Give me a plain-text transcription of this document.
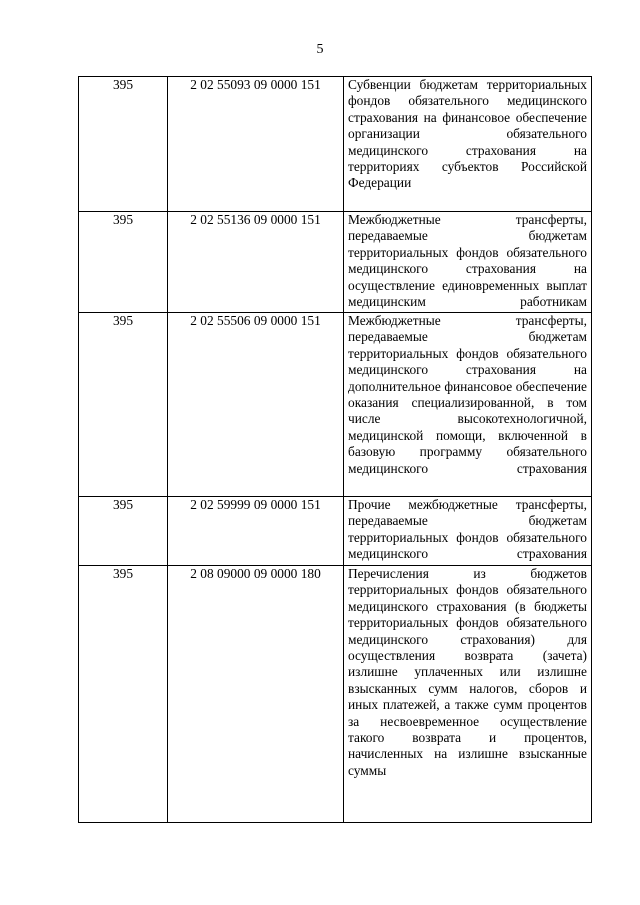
5
395	2 02 55093 09 0000 151	Субвенции бюджетам территориальных фондов обязательного медицинского страхования на финансовое обеспечение организации обязательного медицинского страхования на территориях субъектов Российской Федерации

395	2 02 55136 09 0000 151	Межбюджетные трансферты, передаваемые бюджетам территориальных фондов обязательного медицинского страхования на осуществление единовременных выплат медицинским работникам

395	2 02 55506 09 0000 151	Межбюджетные трансферты, передаваемые бюджетам территориальных фондов обязательного медицинского страхования на дополнительное финансовое обеспечение оказания специализированной, в том числе высокотехнологичной, медицинской помощи, включенной в базовую программу обязательного медицинского страхования

395	2 02 59999 09 0000 151	Прочие межбюджетные трансферты, передаваемые бюджетам территориальных фондов обязательного медицинского страхования

395	2 08 09000 09 0000 180	Перечисления из бюджетов территориальных фондов обязательного медицинского страхования (в бюджеты территориальных фондов обязательного медицинского страхования) для осуществления возврата (зачета) излишне уплаченных или излишне взысканных сумм налогов, сборов и иных платежей, а также сумм процентов за несвоевременное осуществление такого возврата и процентов, начисленных на излишне взысканные суммы
